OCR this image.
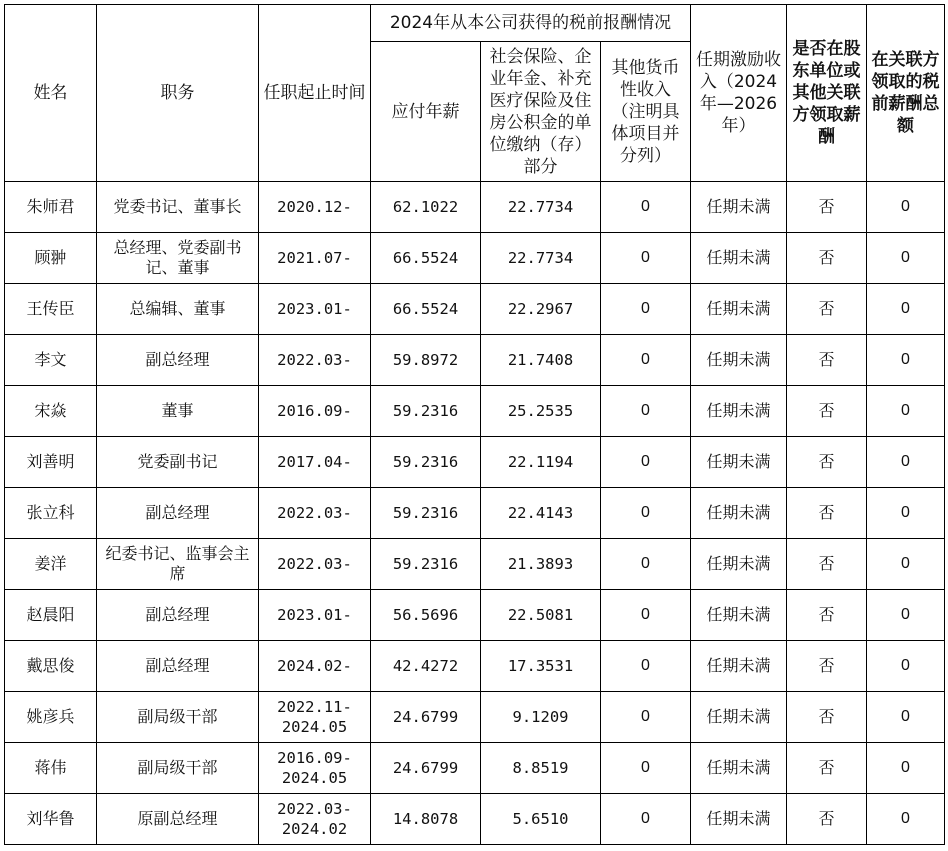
姓名	职务	任职起止时间	2024年从本公司获得的税前报酬情况			任期激励收入（2024年—2026年）	是否在股东单位或其他关联方领取薪酬	在关联方领取的税前薪酬总额
			应付年薪	社会保险、企业年金、补充医疗保险及住房公积金的单位缴纳（存）部分	其他货币性收入（注明具体项目并分列）			
朱师君	党委书记、董事长	2020.12-	62.1022	22.7734	0	任期未满	否	0
顾翀	总经理、党委副书记、董事	2021.07-	66.5524	22.7734	0	任期未满	否	0
王传臣	总编辑、董事	2023.01-	66.5524	22.2967	0	任期未满	否	0
李文	副总经理	2022.03-	59.8972	21.7408	0	任期未满	否	0
宋焱	董事	2016.09-	59.2316	25.2535	0	任期未满	否	0
刘善明	党委副书记	2017.04-	59.2316	22.1194	0	任期未满	否	0
张立科	副总经理	2022.03-	59.2316	22.4143	0	任期未满	否	0
姜洋	纪委书记、监事会主席	2022.03-	59.2316	21.3893	0	任期未满	否	0
赵晨阳	副总经理	2023.01-	56.5696	22.5081	0	任期未满	否	0
戴思俊	副总经理	2024.02-	42.4272	17.3531	0	任期未满	否	0
姚彦兵	副局级干部	2022.11-2024.05	24.6799	9.1209	0	任期未满	否	0
蒋伟	副局级干部	2016.09-2024.05	24.6799	8.8519	0	任期未满	否	0
刘华鲁	原副总经理	2022.03-2024.02	14.8078	5.6510	0	任期未满	否	0
